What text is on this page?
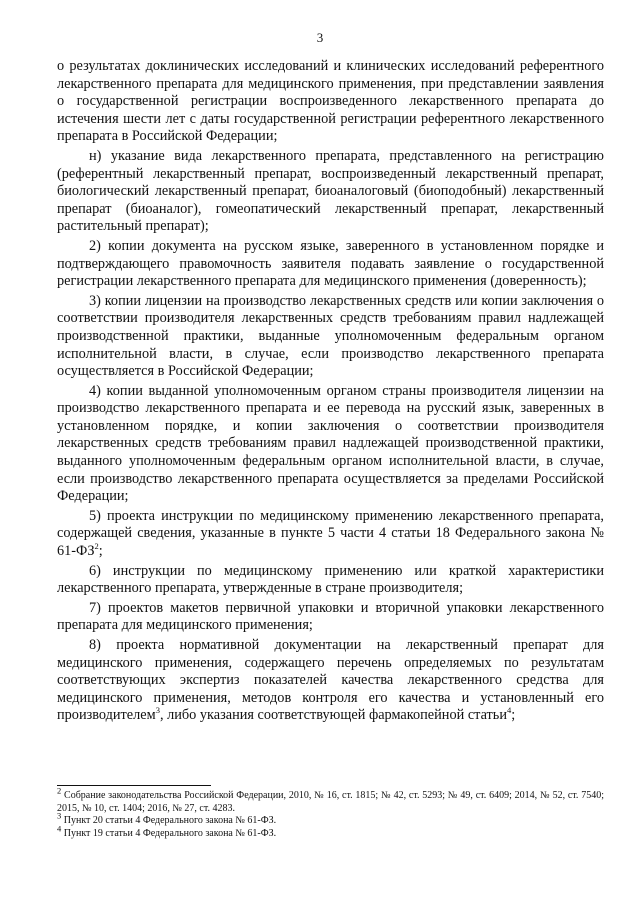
3

о результатах доклинических исследований и клинических исследований референтного лекарственного препарата для медицинского применения, при представлении заявления о государственной регистрации воспроизведенного лекарственного препарата до истечения шести лет с даты государственной регистрации референтного лекарственного препарата в Российской Федерации;

н) указание вида лекарственного препарата, представленного на регистрацию (референтный лекарственный препарат, воспроизведенный лекарственный препарат, биологический лекарственный препарат, биоаналоговый (биоподобный) лекарственный препарат (биоаналог), гомеопатический лекарственный препарат, лекарственный растительный препарат);

2) копии документа на русском языке, заверенного в установленном порядке и подтверждающего правомочность заявителя подавать заявление о государственной регистрации лекарственного препарата для медицинского применения (доверенность);

3) копии лицензии на производство лекарственных средств или копии заключения о соответствии производителя лекарственных средств требованиям правил надлежащей производственной практики, выданные уполномоченным федеральным органом исполнительной власти, в случае, если производство лекарственного препарата осуществляется в Российской Федерации;

4) копии выданной уполномоченным органом страны производителя лицензии на производство лекарственного препарата и ее перевода на русский язык, заверенных в установленном порядке, и копии заключения о соответствии производителя лекарственных средств требованиям правил надлежащей производственной практики, выданного уполномоченным федеральным органом исполнительной власти, в случае, если производство лекарственного препарата осуществляется за пределами Российской Федерации;

5) проекта инструкции по медицинскому применению лекарственного препарата, содержащей сведения, указанные в пункте 5 части 4 статьи 18 Федерального закона № $61-ФЗ^2$;

6) инструкции по медицинскому применению или краткой характеристики лекарственного препарата, утвержденные в стране производителя;

7) проектов макетов первичной упаковки и вторичной упаковки лекарственного препарата для медицинского применения;

8) проекта нормативной документации на лекарственный препарат для медицинского применения, содержащего перечень определяемых по результатам соответствующих экспертиз показателей качества лекарственного средства для медицинского применения, методов контроля его качества и установленный его производителем$^3$, либо указания соответствующей фармакопейной статьи$^4$;

$^2$ Собрание законодательства Российской Федерации, 2010, № 16, ст. 1815; № 42, ст. 5293; № 49, ст. 6409; 2014, № 52, ст. 7540; 2015, № 10, ст. 1404; 2016, № 27, ст. 4283.

$^3$ Пункт 20 статьи 4 Федерального закона № 61-ФЗ.

$^4$ Пункт 19 статьи 4 Федерального закона № 61-ФЗ.
